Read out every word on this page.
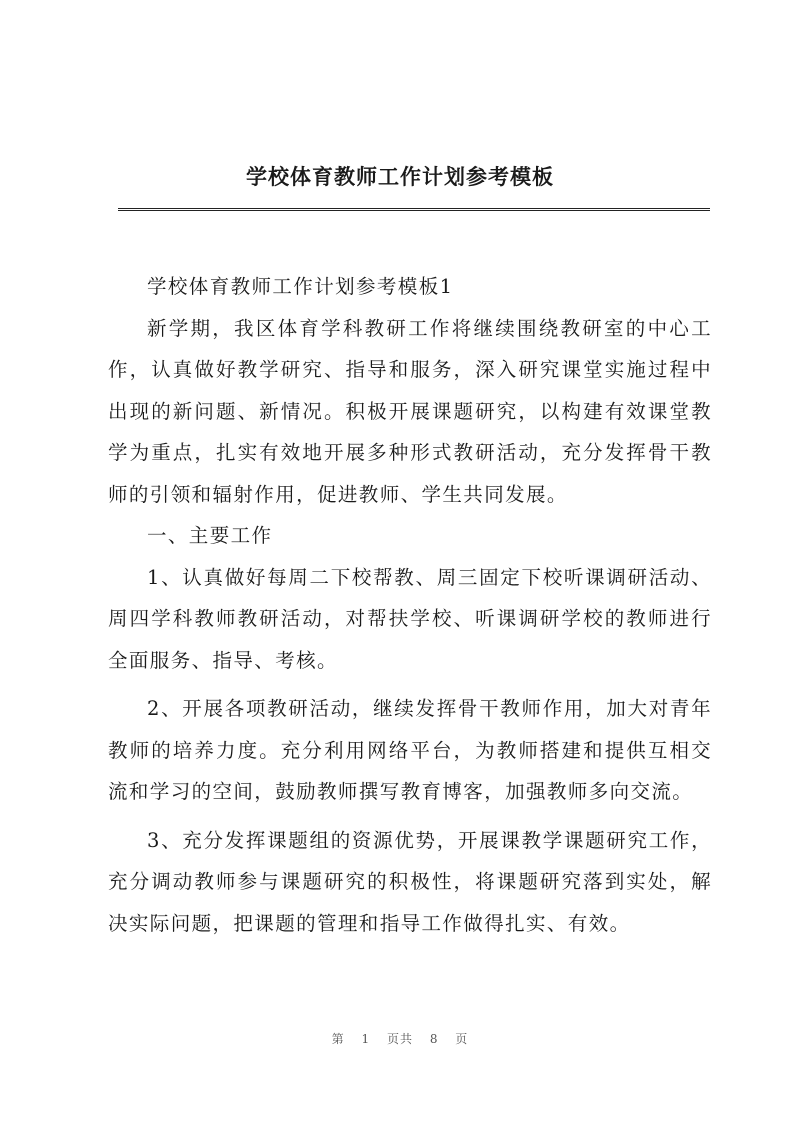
学校体育教师工作计划参考模板

学校体育教师工作计划参考模板1

新学期，我区体育学科教研工作将继续围绕教研室的中心工作，认真做好教学研究、指导和服务，深入研究课堂实施过程中出现的新问题、新情况。积极开展课题研究，以构建有效课堂教学为重点，扎实有效地开展多种形式教研活动，充分发挥骨干教师的引领和辐射作用，促进教师、学生共同发展。

一、主要工作

1、认真做好每周二下校帮教、周三固定下校听课调研活动、周四学科教师教研活动，对帮扶学校、听课调研学校的教师进行全面服务、指导、考核。

2、开展各项教研活动，继续发挥骨干教师作用，加大对青年教师的培养力度。充分利用网络平台，为教师搭建和提供互相交流和学习的空间，鼓励教师撰写教育博客，加强教师多向交流。

3、充分发挥课题组的资源优势，开展课教学课题研究工作，充分调动教师参与课题研究的积极性，将课题研究落到实处，解决实际问题，把课题的管理和指导工作做得扎实、有效。

第 1 页共 8 页
